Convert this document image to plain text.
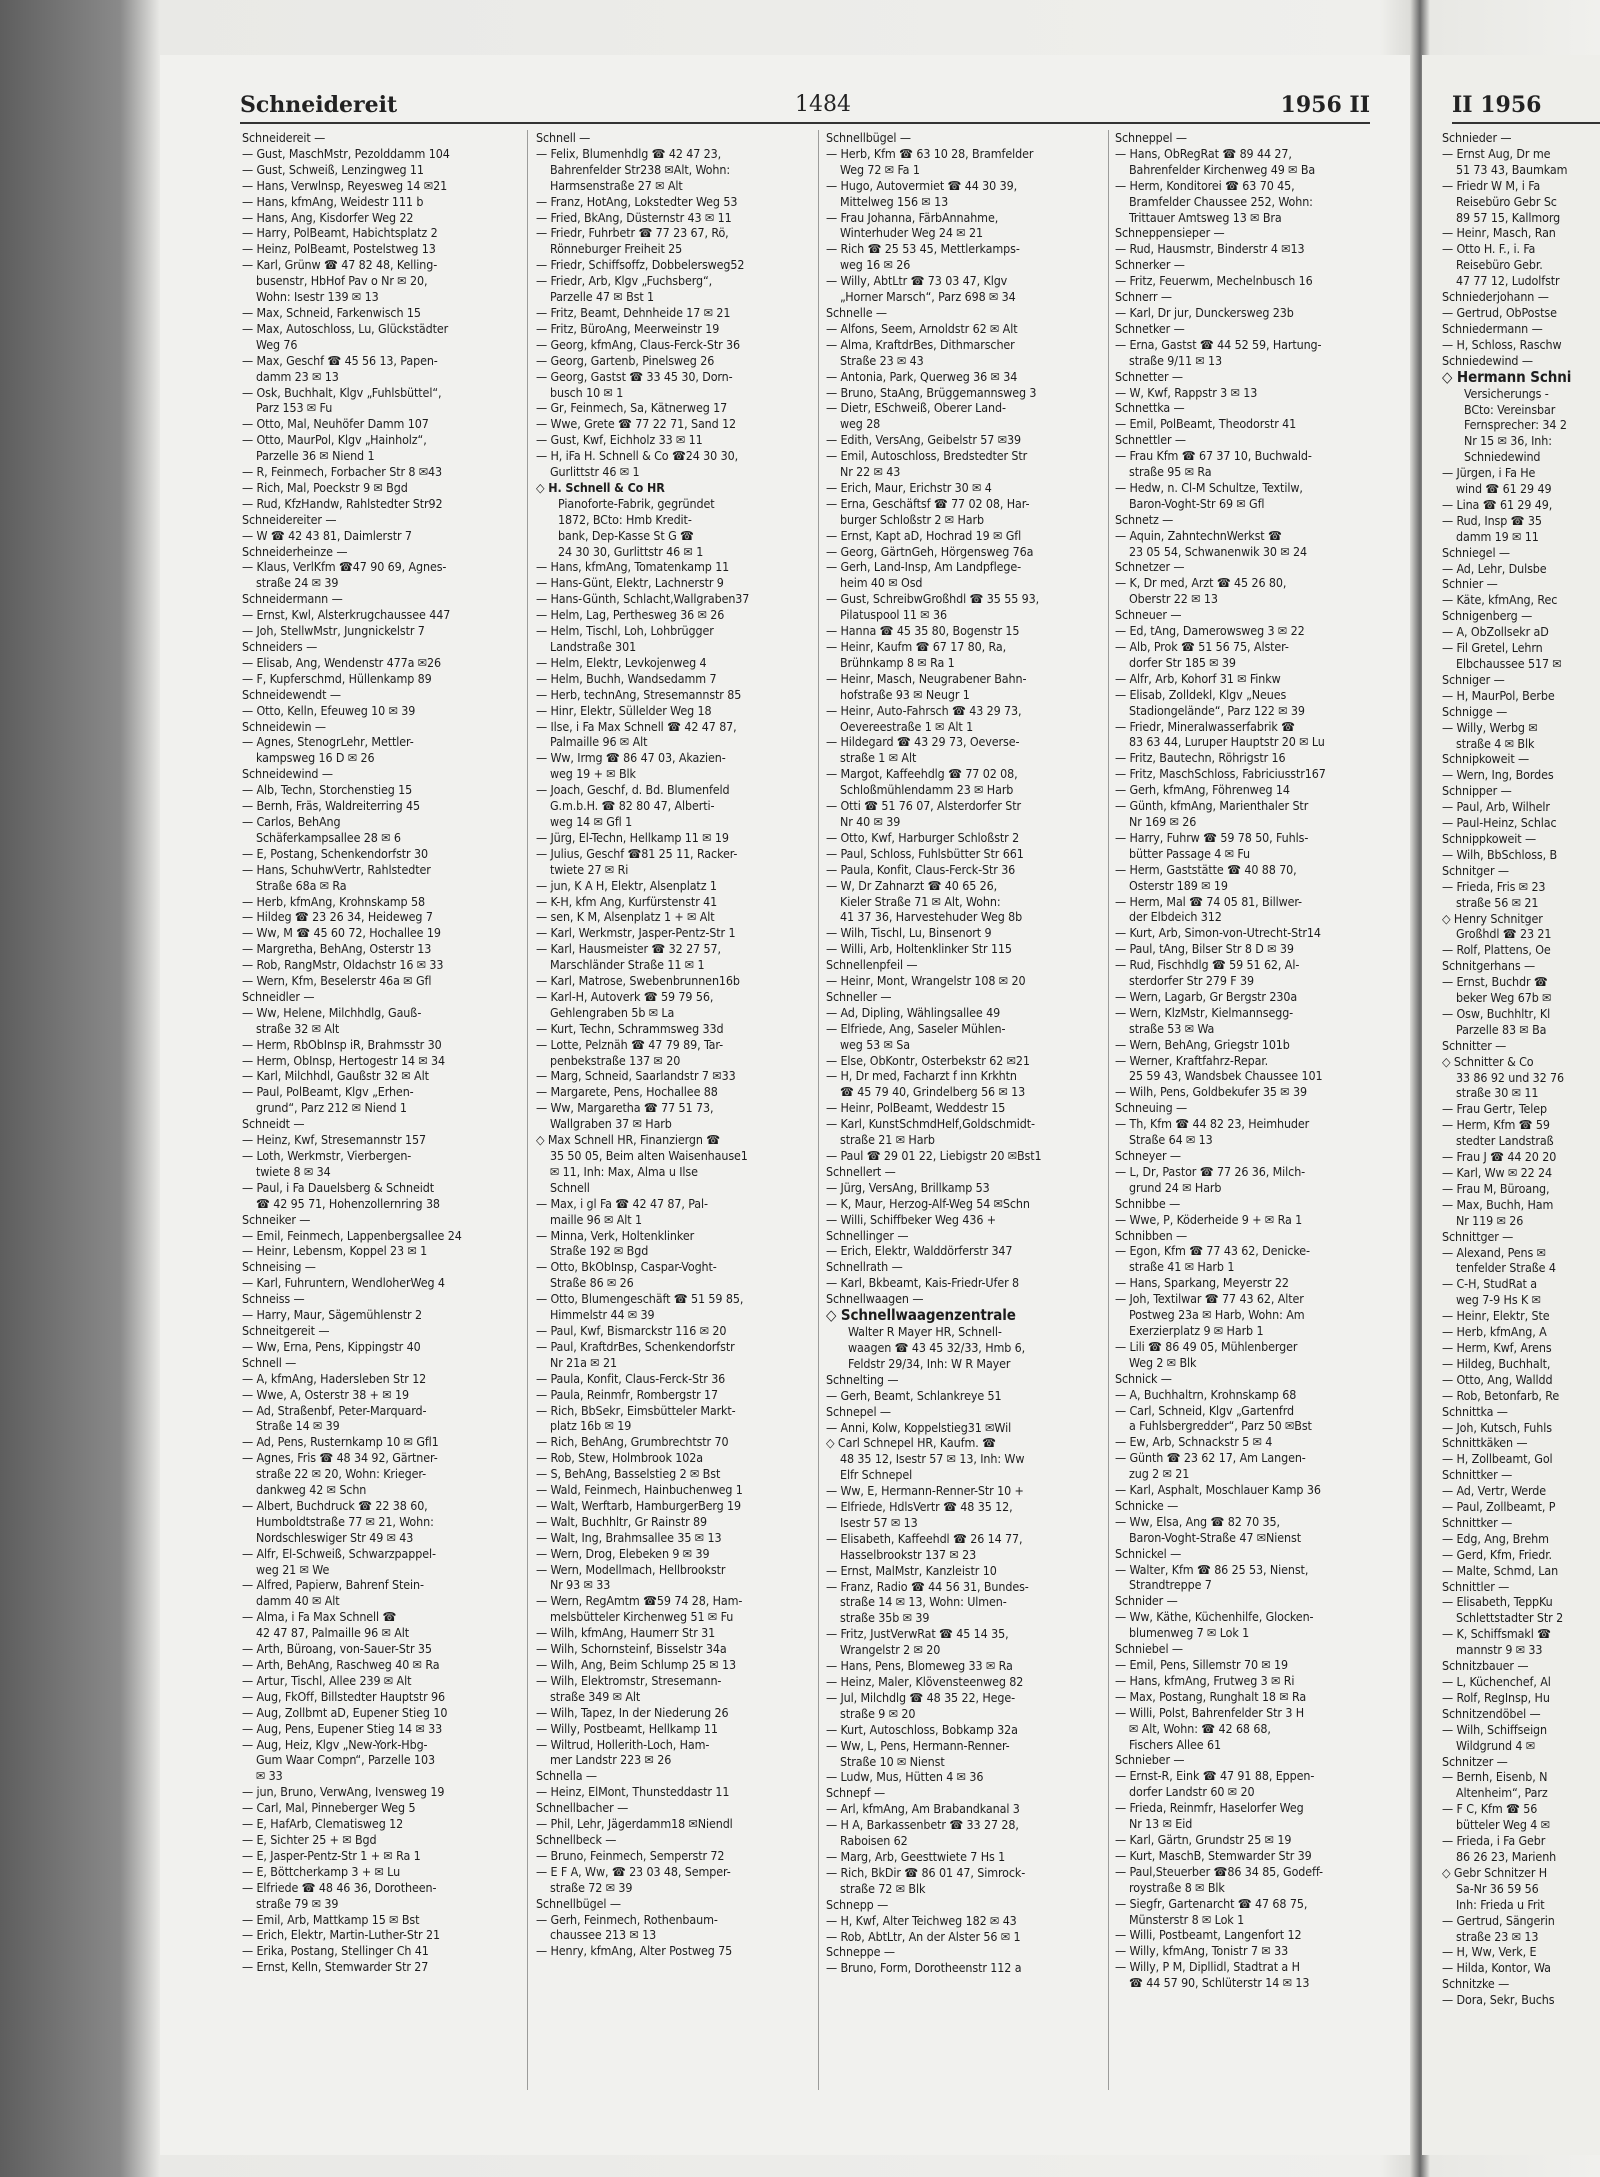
II 1956
Schneidereit	1484	1956 II
Schneidereit —
— Gust, MaschMstr, Pezolddamm 104
— Gust, Schweiß, Lenzingweg 11
— Hans, Verwlnsp, Reyesweg 14 ✉21
— Hans, kfmAng, Weidestr 111 b
— Hans, Ang, Kisdorfer Weg 22
— Harry, PolBeamt, Habichtsplatz 2
— Heinz, PolBeamt, Postelstweg 13
— Karl, Grünw ☎ 47 82 48, Kelling-
busenstr, HbHof Pav o Nr ✉ 20,
Wohn: Isestr 139 ✉ 13
— Max, Schneid, Farkenwisch 15
— Max, Autoschloss, Lu, Glückstädter
Weg 76
— Max, Geschf ☎ 45 56 13, Papen-
damm 23 ✉ 13
— Osk, Buchhalt, Klgv „Fuhlsbüttel“,
Parz 153 ✉ Fu
— Otto, Mal, Neuhöfer Damm 107
— Otto, MaurPol, Klgv „Hainholz“,
Parzelle 36 ✉ Niend 1
— R, Feinmech, Forbacher Str 8 ✉43
— Rich, Mal, Poeckstr 9 ✉ Bgd
— Rud, KfzHandw, Rahlstedter Str92
Schneidereiter —
— W ☎ 42 43 81, Daimlerstr 7
Schneiderheinze —
— Klaus, VerlKfm ☎47 90 69, Agnes-
straße 24 ✉ 39
Schneidermann —
— Ernst, Kwl, Alsterkrugchaussee 447
— Joh, StellwMstr, Jungnickelstr 7
Schneiders —
— Elisab, Ang, Wendenstr 477a ✉26
— F, Kupferschmd, Hüllenkamp 89
Schneidewendt —
— Otto, Kelln, Efeuweg 10 ✉ 39
Schneidewin —
— Agnes, StenogrLehr, Mettler-
kampsweg 16 D ✉ 26
Schneidewind —
— Alb, Techn, Storchenstieg 15
— Bernh, Fräs, Waldreiterring 45
— Carlos, BehAng
Schäferkampsallee 28 ✉ 6
— E, Postang, Schenkendorfstr 30
— Hans, SchuhwVertr, Rahlstedter
Straße 68a ✉ Ra
— Herb, kfmAng, Krohnskamp 58
— Hildeg ☎ 23 26 34, Heideweg 7
— Ww, M ☎ 45 60 72, Hochallee 19
— Margretha, BehAng, Osterstr 13
— Rob, RangMstr, Oldachstr 16 ✉ 33
— Wern, Kfm, Beselerstr 46a ✉ Gfl
Schneidler —
— Ww, Helene, Milchhdlg, Gauß-
straße 32 ✉ Alt
— Herm, RbObInsp iR, Brahmsstr 30
— Herm, ObInsp, Hertogestr 14 ✉ 34
— Karl, Milchhdl, Gaußstr 32 ✉ Alt
— Paul, PolBeamt, Klgv „Erhen-
grund“, Parz 212 ✉ Niend 1
Schneidt —
— Heinz, Kwf, Stresemannstr 157
— Loth, Werkmstr, Vierbergen-
twiete 8 ✉ 34
— Paul, i Fa Dauelsberg & Schneidt
☎ 42 95 71, Hohenzollernring 38
Schneiker —
— Emil, Feinmech, Lappenbergsallee 24
— Heinr, Lebensm, Koppel 23 ✉ 1
Schneising —
— Karl, Fuhruntern, WendloherWeg 4
Schneiss —
— Harry, Maur, Sägemühlenstr 2
Schneitgereit —
— Ww, Erna, Pens, Kippingstr 40
Schnell —
— A, kfmAng, Hadersleben Str 12
— Wwe, A, Osterstr 38 + ✉ 19
— Ad, Straßenbf, Peter-Marquard-
Straße 14 ✉ 39
— Ad, Pens, Rusternkamp 10 ✉ Gfl1
— Agnes, Fris ☎ 48 34 92, Gärtner-
straße 22 ✉ 20, Wohn: Krieger-
dankweg 42 ✉ Schn
— Albert, Buchdruck ☎ 22 38 60,
Humboldtstraße 77 ✉ 21, Wohn:
Nordschleswiger Str 49 ✉ 43
— Alfr, El-Schweiß, Schwarzpappel-
weg 21 ✉ We
— Alfred, Papierw, Bahrenf Stein-
damm 40 ✉ Alt
— Alma, i Fa Max Schnell ☎
42 47 87, Palmaille 96 ✉ Alt
— Arth, Büroang, von-Sauer-Str 35
— Arth, BehAng, Raschweg 40 ✉ Ra
— Artur, Tischl, Allee 239 ✉ Alt
— Aug, FkOff, Billstedter Hauptstr 96
— Aug, Zollbmt aD, Eupener Stieg 10
— Aug, Pens, Eupener Stieg 14 ✉ 33
— Aug, Heiz, Klgv „New-York-Hbg-
Gum Waar Compn“, Parzelle 103
✉ 33
— jun, Bruno, VerwAng, Ivensweg 19
— Carl, Mal, Pinneberger Weg 5
— E, HafArb, Clematisweg 12
— E, Sichter 25 + ✉ Bgd
— E, Jasper-Pentz-Str 1 + ✉ Ra 1
— E, Böttcherkamp 3 + ✉ Lu
— Elfriede ☎ 48 46 36, Dorotheen-
straße 79 ✉ 39
— Emil, Arb, Mattkamp 15 ✉ Bst
— Erich, Elektr, Martin-Luther-Str 21
— Erika, Postang, Stellinger Ch 41
— Ernst, Kelln, Stemwarder Str 27
Schnell —
— Felix, Blumenhdlg ☎ 42 47 23,
Bahrenfelder Str238 ✉Alt, Wohn:
Harmsenstraße 27 ✉ Alt
— Franz, HotAng, Lokstedter Weg 53
— Fried, BkAng, Düsternstr 43 ✉ 11
— Friedr, Fuhrbetr ☎ 77 23 67, Rö,
Rönneburger Freiheit 25
— Friedr, Schiffsoffz, Dobbelersweg52
— Friedr, Arb, Klgv „Fuchsberg“,
Parzelle 47 ✉ Bst 1
— Fritz, Beamt, Dehnheide 17 ✉ 21
— Fritz, BüroAng, Meerweinstr 19
— Georg, kfmAng, Claus-Ferck-Str 36
— Georg, Gartenb, Pinelsweg 26
— Georg, Gastst ☎ 33 45 30, Dorn-
busch 10 ✉ 1
— Gr, Feinmech, Sa, Kätnerweg 17
— Wwe, Grete ☎ 77 22 71, Sand 12
— Gust, Kwf, Eichholz 33 ✉ 11
— H, iFa H. Schnell & Co ☎24 30 30,
Gurlittstr 46 ✉ 1
◇ H. Schnell & Co HR
Pianoforte-Fabrik, gegründet
1872, BCto: Hmb Kredit-
bank, Dep-Kasse St G ☎
24 30 30, Gurlittstr 46 ✉ 1
— Hans, kfmAng, Tomatenkamp 11
— Hans-Günt, Elektr, Lachnerstr 9
— Hans-Günth, Schlacht,Wallgraben37
— Helm, Lag, Perthesweg 36 ✉ 26
— Helm, Tischl, Loh, Lohbrügger
Landstraße 301
— Helm, Elektr, Levkojenweg 4
— Helm, Buchh, Wandsedamm 7
— Herb, technAng, Stresemannstr 85
— Hinr, Elektr, Süllelder Weg 18
— Ilse, i Fa Max Schnell ☎ 42 47 87,
Palmaille 96 ✉ Alt
— Ww, Irmg ☎ 86 47 03, Akazien-
weg 19 + ✉ Blk
— Joach, Geschf, d. Bd. Blumenfeld
G.m.b.H. ☎ 82 80 47, Alberti-
weg 14 ✉ Gfl 1
— Jürg, El-Techn, Hellkamp 11 ✉ 19
— Julius, Geschf ☎81 25 11, Racker-
twiete 27 ✉ Ri
— jun, K A H, Elektr, Alsenplatz 1
— K-H, kfm Ang, Kurfürstenstr 41
— sen, K M, Alsenplatz 1 + ✉ Alt
— Karl, Werkmstr, Jasper-Pentz-Str 1
— Karl, Hausmeister ☎ 32 27 57,
Marschländer Straße 11 ✉ 1
— Karl, Matrose, Swebenbrunnen16b
— Karl-H, Autoverk ☎ 59 79 56,
Gehlengraben 5b ✉ La
— Kurt, Techn, Schrammsweg 33d
— Lotte, Pelznäh ☎ 47 79 89, Tar-
penbekstraße 137 ✉ 20
— Marg, Schneid, Saarlandstr 7 ✉33
— Margarete, Pens, Hochallee 88
— Ww, Margaretha ☎ 77 51 73,
Wallgraben 37 ✉ Harb
◇ Max Schnell HR, Finanziergn ☎
35 50 05, Beim alten Waisenhause1
✉ 11, Inh: Max, Alma u Ilse
Schnell
— Max, i gl Fa ☎ 42 47 87, Pal-
maille 96 ✉ Alt 1
— Minna, Verk, Holtenklinker
Straße 192 ✉ Bgd
— Otto, BkObInsp, Caspar-Voght-
Straße 86 ✉ 26
— Otto, Blumengeschäft ☎ 51 59 85,
Himmelstr 44 ✉ 39
— Paul, Kwf, Bismarckstr 116 ✉ 20
— Paul, KraftdrBes, Schenkendorfstr
Nr 21a ✉ 21
— Paula, Konfit, Claus-Ferck-Str 36
— Paula, Reinmfr, Rombergstr 17
— Rich, BbSekr, Eimsbütteler Markt-
platz 16b ✉ 19
— Rich, BehAng, Grumbrechtstr 70
— Rob, Stew, Holmbrook 102a
— S, BehAng, Basselstieg 2 ✉ Bst
— Wald, Feinmech, Hainbuchenweg 1
— Walt, Werftarb, HamburgerBerg 19
— Walt, Buchhltr, Gr Rainstr 89
— Walt, Ing, Brahmsallee 35 ✉ 13
— Wern, Drog, Elebeken 9 ✉ 39
— Wern, Modellmach, Hellbrookstr
Nr 93 ✉ 33
— Wern, RegAmtm ☎59 74 28, Ham-
melsbütteler Kirchenweg 51 ✉ Fu
— Wilh, kfmAng, Haumerr Str 31
— Wilh, Schornsteinf, Bisselstr 34a
— Wilh, Ang, Beim Schlump 25 ✉ 13
— Wilh, Elektromstr, Stresemann-
straße 349 ✉ Alt
— Wilh, Tapez, In der Niederung 26
— Willy, Postbeamt, Hellkamp 11
— Wiltrud, Hollerith-Loch, Ham-
mer Landstr 223 ✉ 26
Schnella —
— Heinz, ElMont, Thunsteddastr 11
Schnellbacher —
— Phil, Lehr, Jägerdamm18 ✉Niendl
Schnellbeck —
— Bruno, Feinmech, Semperstr 72
— E F A, Ww, ☎ 23 03 48, Semper-
straße 72 ✉ 39
Schnellbügel —
— Gerh, Feinmech, Rothenbaum-
chaussee 213 ✉ 13
— Henry, kfmAng, Alter Postweg 75
Schnellbügel —
— Herb, Kfm ☎ 63 10 28, Bramfelder
Weg 72 ✉ Fa 1
— Hugo, Autovermiet ☎ 44 30 39,
Mittelweg 156 ✉ 13
— Frau Johanna, FärbAnnahme,
Winterhuder Weg 24 ✉ 21
— Rich ☎ 25 53 45, Mettlerkamps-
weg 16 ✉ 26
— Willy, AbtLtr ☎ 73 03 47, Klgv
„Horner Marsch“, Parz 698 ✉ 34
Schnelle —
— Alfons, Seem, Arnoldstr 62 ✉ Alt
— Alma, KraftdrBes, Dithmarscher
Straße 23 ✉ 43
— Antonia, Park, Querweg 36 ✉ 34
— Bruno, StaAng, Brüggemannsweg 3
— Dietr, ESchweiß, Oberer Land-
weg 28
— Edith, VersAng, Geibelstr 57 ✉39
— Emil, Autoschloss, Bredstedter Str
Nr 22 ✉ 43
— Erich, Maur, Erichstr 30 ✉ 4
— Erna, Geschäftsf ☎ 77 02 08, Har-
burger Schloßstr 2 ✉ Harb
— Ernst, Kapt aD, Hochrad 19 ✉ Gfl
— Georg, GärtnGeh, Hörgensweg 76a
— Gerh, Land-Insp, Am Landpflege-
heim 40 ✉ Osd
— Gust, SchreibwGroßhdl ☎ 35 55 93,
Pilatuspool 11 ✉ 36
— Hanna ☎ 45 35 80, Bogenstr 15
— Heinr, Kaufm ☎ 67 17 80, Ra,
Brühnkamp 8 ✉ Ra 1
— Heinr, Masch, Neugrabener Bahn-
hofstraße 93 ✉ Neugr 1
— Heinr, Auto-Fahrsch ☎ 43 29 73,
Oevereestraße 1 ✉ Alt 1
— Hildegard ☎ 43 29 73, Oeverse-
straße 1 ✉ Alt
— Margot, Kaffeehdlg ☎ 77 02 08,
Schloßmühlendamm 23 ✉ Harb
— Otti ☎ 51 76 07, Alsterdorfer Str
Nr 40 ✉ 39
— Otto, Kwf, Harburger Schloßstr 2
— Paul, Schloss, Fuhlsbütter Str 661
— Paula, Konfit, Claus-Ferck-Str 36
— W, Dr Zahnarzt ☎ 40 65 26,
Kieler Straße 71 ✉ Alt, Wohn:
41 37 36, Harvestehuder Weg 8b
— Wilh, Tischl, Lu, Binsenort 9
— Willi, Arb, Holtenklinker Str 115
Schnellenpfeil —
— Heinr, Mont, Wrangelstr 108 ✉ 20
Schneller —
— Ad, Dipling, Wählingsallee 49
— Elfriede, Ang, Saseler Mühlen-
weg 53 ✉ Sa
— Else, ObKontr, Osterbekstr 62 ✉21
— H, Dr med, Facharzt f inn Krkhtn
☎ 45 79 40, Grindelberg 56 ✉ 13
— Heinr, PolBeamt, Weddestr 15
— Karl, KunstSchmdHelf,Goldschmidt-
straße 21 ✉ Harb
— Paul ☎ 29 01 22, Liebigstr 20 ✉Bst1
Schnellert —
— Jürg, VersAng, Brillkamp 53
— K, Maur, Herzog-Alf-Weg 54 ✉Schn
— Willi, Schiffbeker Weg 436 +
Schnellinger —
— Erich, Elektr, Walddörferstr 347
Schnellrath —
— Karl, Bkbeamt, Kais-Friedr-Ufer 8
Schnellwaagen —
◇ Schnellwaagenzentrale
Walter R Mayer HR, Schnell-
waagen ☎ 43 45 32/33, Hmb 6,
Feldstr 29/34, Inh: W R Mayer
Schnelting —
— Gerh, Beamt, Schlankreye 51
Schnepel —
— Anni, Kolw, Koppelstieg31 ✉Wil
◇ Carl Schnepel HR, Kaufm. ☎
48 35 12, Isestr 57 ✉ 13, Inh: Ww
Elfr Schnepel
— Ww, E, Hermann-Renner-Str 10 +
— Elfriede, HdlsVertr ☎ 48 35 12,
Isestr 57 ✉ 13
— Elisabeth, Kaffeehdl ☎ 26 14 77,
Hasselbrookstr 137 ✉ 23
— Ernst, MalMstr, Kanzleistr 10
— Franz, Radio ☎ 44 56 31, Bundes-
straße 14 ✉ 13, Wohn: Ulmen-
straße 35b ✉ 39
— Fritz, JustVerwRat ☎ 45 14 35,
Wrangelstr 2 ✉ 20
— Hans, Pens, Blomeweg 33 ✉ Ra
— Heinz, Maler, Klövensteenweg 82
— Jul, Milchdlg ☎ 48 35 22, Hege-
straße 9 ✉ 20
— Kurt, Autoschloss, Bobkamp 32a
— Ww, L, Pens, Hermann-Renner-
Straße 10 ✉ Nienst
— Ludw, Mus, Hütten 4 ✉ 36
Schnepf —
— Arl, kfmAng, Am Brabandkanal 3
— H A, Barkassenbetr ☎ 33 27 28,
Raboisen 62
— Marg, Arb, Geesttwiete 7 Hs 1
— Rich, BkDir ☎ 86 01 47, Simrock-
straße 72 ✉ Blk
Schnepp —
— H, Kwf, Alter Teichweg 182 ✉ 43
— Rob, AbtLtr, An der Alster 56 ✉ 1
Schneppe —
— Bruno, Form, Dorotheenstr 112 a
Schneppel —
— Hans, ObRegRat ☎ 89 44 27,
Bahrenfelder Kirchenweg 49 ✉ Ba
— Herm, Konditorei ☎ 63 70 45,
Bramfelder Chaussee 252, Wohn:
Trittauer Amtsweg 13 ✉ Bra
Schneppensieper —
— Rud, Hausmstr, Binderstr 4 ✉13
Schnerker —
— Fritz, Feuerwm, Mechelnbusch 16
Schnerr —
— Karl, Dr jur, Dunckersweg 23b
Schnetker —
— Erna, Gastst ☎ 44 52 59, Hartung-
straße 9/11 ✉ 13
Schnetter —
— W, Kwf, Rappstr 3 ✉ 13
Schnettka —
— Emil, PolBeamt, Theodorstr 41
Schnettler —
— Frau Kfm ☎ 67 37 10, Buchwald-
straße 95 ✉ Ra
— Hedw, n. Cl-M Schultze, Textilw,
Baron-Voght-Str 69 ✉ Gfl
Schnetz —
— Aquin, ZahntechnWerkst ☎
23 05 54, Schwanenwik 30 ✉ 24
Schnetzer —
— K, Dr med, Arzt ☎ 45 26 80,
Oberstr 22 ✉ 13
Schneuer —
— Ed, tAng, Damerowsweg 3 ✉ 22
— Alb, Prok ☎ 51 56 75, Alster-
dorfer Str 185 ✉ 39
— Alfr, Arb, Kohorf 31 ✉ Finkw
— Elisab, Zolldekl, Klgv „Neues
Stadiongelände“, Parz 122 ✉ 39
— Friedr, Mineralwasserfabrik ☎
83 63 44, Luruper Hauptstr 20 ✉ Lu
— Fritz, Bautechn, Röhrigstr 16
— Fritz, MaschSchloss, Fabriciusstr167
— Gerh, kfmAng, Föhrenweg 14
— Günth, kfmAng, Marienthaler Str
Nr 169 ✉ 26
— Harry, Fuhrw ☎ 59 78 50, Fuhls-
bütter Passage 4 ✉ Fu
— Herm, Gaststätte ☎ 40 88 70,
Osterstr 189 ✉ 19
— Herm, Mal ☎ 74 05 81, Billwer-
der Elbdeich 312
— Kurt, Arb, Simon-von-Utrecht-Str14
— Paul, tAng, Bilser Str 8 D ✉ 39
— Rud, Fischhdlg ☎ 59 51 62, Al-
sterdorfer Str 279 F 39
— Wern, Lagarb, Gr Bergstr 230a
— Wern, KlzMstr, Kielmannsegg-
straße 53 ✉ Wa
— Wern, BehAng, Griegstr 101b
— Werner, Kraftfahrz-Repar.
25 59 43, Wandsbek Chaussee 101
— Wilh, Pens, Goldbekufer 35 ✉ 39
Schneuing —
— Th, Kfm ☎ 44 82 23, Heimhuder
Straße 64 ✉ 13
Schneyer —
— L, Dr, Pastor ☎ 77 26 36, Milch-
grund 24 ✉ Harb
Schnibbe —
— Wwe, P, Köderheide 9 + ✉ Ra 1
Schnibben —
— Egon, Kfm ☎ 77 43 62, Denicke-
straße 41 ✉ Harb 1
— Hans, Sparkang, Meyerstr 22
— Joh, Textilwar ☎ 77 43 62, Alter
Postweg 23a ✉ Harb, Wohn: Am
Exerzierplatz 9 ✉ Harb 1
— Lili ☎ 86 49 05, Mühlenberger
Weg 2 ✉ Blk
Schnick —
— A, Buchhaltrn, Krohnskamp 68
— Carl, Schneid, Klgv „Gartenfrd
a Fuhlsbergredder“, Parz 50 ✉Bst
— Ew, Arb, Schnackstr 5 ✉ 4
— Günth ☎ 23 62 17, Am Langen-
zug 2 ✉ 21
— Karl, Asphalt, Moschlauer Kamp 36
Schnicke —
— Ww, Elsa, Ang ☎ 82 70 35,
Baron-Voght-Straße 47 ✉Nienst
Schnickel —
— Walter, Kfm ☎ 86 25 53, Nienst,
Strandtreppe 7
Schnider —
— Ww, Käthe, Küchenhilfe, Glocken-
blumenweg 7 ✉ Lok 1
Schniebel —
— Emil, Pens, Sillemstr 70 ✉ 19
— Hans, kfmAng, Frutweg 3 ✉ Ri
— Max, Postang, Runghalt 18 ✉ Ra
— Willi, Polst, Bahrenfelder Str 3 H
✉ Alt, Wohn: ☎ 42 68 68,
Fischers Allee 61
Schnieber —
— Ernst-R, Eink ☎ 47 91 88, Eppen-
dorfer Landstr 60 ✉ 20
— Frieda, Reinmfr, Haselorfer Weg
Nr 13 ✉ Eid
— Karl, Gärtn, Grundstr 25 ✉ 19
— Kurt, MaschB, Stemwarder Str 39
— Paul,Steuerber ☎86 34 85, Godeff-
roystraße 8 ✉ Blk
— Siegfr, Gartenarcht ☎ 47 68 75,
Münsterstr 8 ✉ Lok 1
— Willi, Postbeamt, Langenfort 12
— Willy, kfmAng, Tonistr 7 ✉ 33
— Willy, P M, Dipllidl, Stadtrat a H
☎ 44 57 90, Schlüterstr 14 ✉ 13
Schnieder —
— Ernst Aug, Dr me
51 73 43, Baumkam
— Friedr W M, i Fa
Reisebüro Gebr Sc
89 57 15, Kallmorg
— Heinr, Masch, Ran
— Otto H. F., i. Fa
Reisebüro Gebr.
47 77 12, Ludolfstr
Schniederjohann —
— Gertrud, ObPostse
Schniedermann —
— H, Schloss, Raschw
Schniedewind —
◇ Hermann Schni
Versicherungs -
BCto: Vereinsbar
Fernsprecher: 34 2
Nr 15 ✉ 36, Inh:
Schniedewind
— Jürgen, i Fa He
wind ☎ 61 29 49
— Lina ☎ 61 29 49,
— Rud, Insp ☎ 35
damm 19 ✉ 11
Schniegel —
— Ad, Lehr, Dulsbe
Schnier —
— Käte, kfmAng, Rec
Schnigenberg —
— A, ObZollsekr aD
— Fil Gretel, Lehrn
Elbchaussee 517 ✉
Schniger —
— H, MaurPol, Berbe
Schnigge —
— Willy, Werbg ✉
straße 4 ✉ Blk
Schnipkoweit —
— Wern, Ing, Bordes
Schnipper —
— Paul, Arb, Wilhelr
— Paul-Heinz, Schlac
Schnippkoweit —
— Wilh, BbSchloss, B
Schnitger —
— Frieda, Fris ✉ 23
straße 56 ✉ 21
◇ Henry Schnitger
Großhdl ☎ 23 21
— Rolf, Plattens, Oe
Schnitgerhans —
— Ernst, Buchdr ☎
beker Weg 67b ✉
— Osw, Buchhltr, Kl
Parzelle 83 ✉ Ba
Schnitter —
◇ Schnitter & Co
33 86 92 und 32 76
straße 30 ✉ 11
— Frau Gertr, Telep
— Herm, Kfm ☎ 59
stedter Landstraß
— Frau J ☎ 44 20 20
— Karl, Ww ✉ 22 24
— Frau M, Büroang,
— Max, Buchh, Ham
Nr 119 ✉ 26
Schnittger —
— Alexand, Pens ✉
tenfelder Straße 4
— C-H, StudRat a
weg 7-9 Hs K ✉
— Heinr, Elektr, Ste
— Herb, kfmAng, A
— Herm, Kwf, Arens
— Hildeg, Buchhalt,
— Otto, Ang, Walldd
— Rob, Betonfarb, Re
Schnittka —
— Joh, Kutsch, Fuhls
Schnittkäken —
— H, Zollbeamt, Gol
Schnittker —
— Ad, Vertr, Werde
— Paul, Zollbeamt, P
Schnittker —
— Edg, Ang, Brehm
— Gerd, Kfm, Friedr.
— Malte, Schmd, Lan
Schnittler —
— Elisabeth, TeppKu
Schlettstadter Str 2
— K, Schiffsmakl ☎
mannstr 9 ✉ 33
Schnitzbauer —
— L, Küchenchef, Al
— Rolf, RegInsp, Hu
Schnitzendöbel —
— Wilh, Schiffseign
Wildgrund 4 ✉
Schnitzer —
— Bernh, Eisenb, N
Altenheim“, Parz
— F C, Kfm ☎ 56
bütteler Weg 4 ✉
— Frieda, i Fa Gebr
86 26 23, Marienh
◇ Gebr Schnitzer H
Sa-Nr 36 59 56
Inh: Frieda u Frit
— Gertrud, Sängerin
straße 23 ✉ 13
— H, Ww, Verk, E
— Hilda, Kontor, Wa
Schnitzke —
— Dora, Sekr, Buchs
